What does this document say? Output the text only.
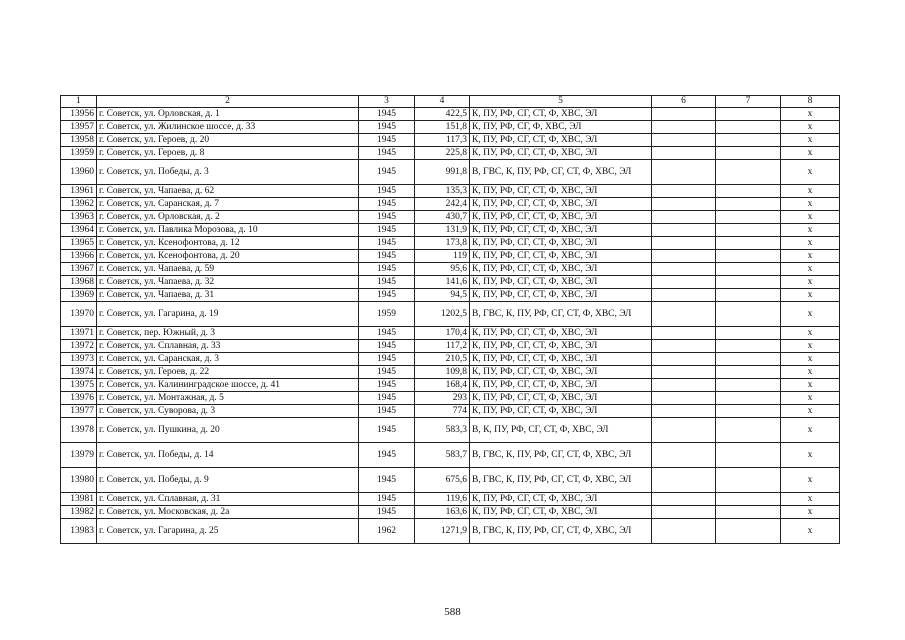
1	2	3	4	5	6	7	8
13956	г. Советск, ул. Орловская, д. 1	1945	422,5	К, ПУ, РФ, СГ, СТ, Ф, ХВС, ЭЛ			х
13957	г. Советск, ул. Жилинское шоссе, д. 33	1945	151,8	К, ПУ, РФ, СГ, Ф, ХВС, ЭЛ			х
13958	г. Советск, ул. Героев, д. 20	1945	117,3	К, ПУ, РФ, СГ, СТ, Ф, ХВС, ЭЛ			х
13959	г. Советск, ул. Героев, д. 8	1945	225,8	К, ПУ, РФ, СГ, СТ, Ф, ХВС, ЭЛ			х
13960	г. Советск, ул. Победы, д. 3	1945	991,8	В, ГВС, К, ПУ, РФ, СГ, СТ, Ф, ХВС, ЭЛ			х
13961	г. Советск, ул. Чапаева, д. 62	1945	135,3	К, ПУ, РФ, СГ, СТ, Ф, ХВС, ЭЛ			х
13962	г. Советск, ул. Саранская, д. 7	1945	242,4	К, ПУ, РФ, СГ, СТ, Ф, ХВС, ЭЛ			х
13963	г. Советск, ул. Орловская, д. 2	1945	430,7	К, ПУ, РФ, СГ, СТ, Ф, ХВС, ЭЛ			х
13964	г. Советск, ул. Павлика Морозова, д. 10	1945	131,9	К, ПУ, РФ, СГ, СТ, Ф, ХВС, ЭЛ			х
13965	г. Советск, ул. Ксенофонтова, д. 12	1945	173,8	К, ПУ, РФ, СГ, СТ, Ф, ХВС, ЭЛ			х
13966	г. Советск, ул. Ксенофонтова, д. 20	1945	119	К, ПУ, РФ, СГ, СТ, Ф, ХВС, ЭЛ			х
13967	г. Советск, ул. Чапаева, д. 59	1945	95,6	К, ПУ, РФ, СГ, СТ, Ф, ХВС, ЭЛ			х
13968	г. Советск, ул. Чапаева, д. 32	1945	141,6	К, ПУ, РФ, СГ, СТ, Ф, ХВС, ЭЛ			х
13969	г. Советск, ул. Чапаева, д. 31	1945	94,5	К, ПУ, РФ, СГ, СТ, Ф, ХВС, ЭЛ			х
13970	г. Советск, ул. Гагарина, д. 19	1959	1202,5	В, ГВС, К, ПУ, РФ, СГ, СТ, Ф, ХВС, ЭЛ			х
13971	г. Советск, пер. Южный, д. 3	1945	170,4	К, ПУ, РФ, СГ, СТ, Ф, ХВС, ЭЛ			х
13972	г. Советск, ул. Сплавная, д. 33	1945	117,2	К, ПУ, РФ, СГ, СТ, Ф, ХВС, ЭЛ			х
13973	г. Советск, ул. Саранская, д. 3	1945	210,5	К, ПУ, РФ, СГ, СТ, Ф, ХВС, ЭЛ			х
13974	г. Советск, ул. Героев, д. 22	1945	109,8	К, ПУ, РФ, СГ, СТ, Ф, ХВС, ЭЛ			х
13975	г. Советск, ул. Калининградское шоссе, д. 41	1945	168,4	К, ПУ, РФ, СГ, СТ, Ф, ХВС, ЭЛ			х
13976	г. Советск, ул. Монтажная, д. 5	1945	293	К, ПУ, РФ, СГ, СТ, Ф, ХВС, ЭЛ			х
13977	г. Советск, ул. Суворова, д. 3	1945	774	К, ПУ, РФ, СГ, СТ, Ф, ХВС, ЭЛ			х
13978	г. Советск, ул. Пушкина, д. 20	1945	583,3	В, К, ПУ, РФ, СГ, СТ, Ф, ХВС, ЭЛ			х
13979	г. Советск, ул. Победы, д. 14	1945	583,7	В, ГВС, К, ПУ, РФ, СГ, СТ, Ф, ХВС, ЭЛ			х
13980	г. Советск, ул. Победы, д. 9	1945	675,6	В, ГВС, К, ПУ, РФ, СГ, СТ, Ф, ХВС, ЭЛ			х
13981	г. Советск, ул. Сплавная, д. 31	1945	119,6	К, ПУ, РФ, СГ, СТ, Ф, ХВС, ЭЛ			х
13982	г. Советск, ул. Московская, д. 2а	1945	163,6	К, ПУ, РФ, СГ, СТ, Ф, ХВС, ЭЛ			х
13983	г. Советск, ул. Гагарина, д. 25	1962	1271,9	В, ГВС, К, ПУ, РФ, СГ, СТ, Ф, ХВС, ЭЛ			х
588
